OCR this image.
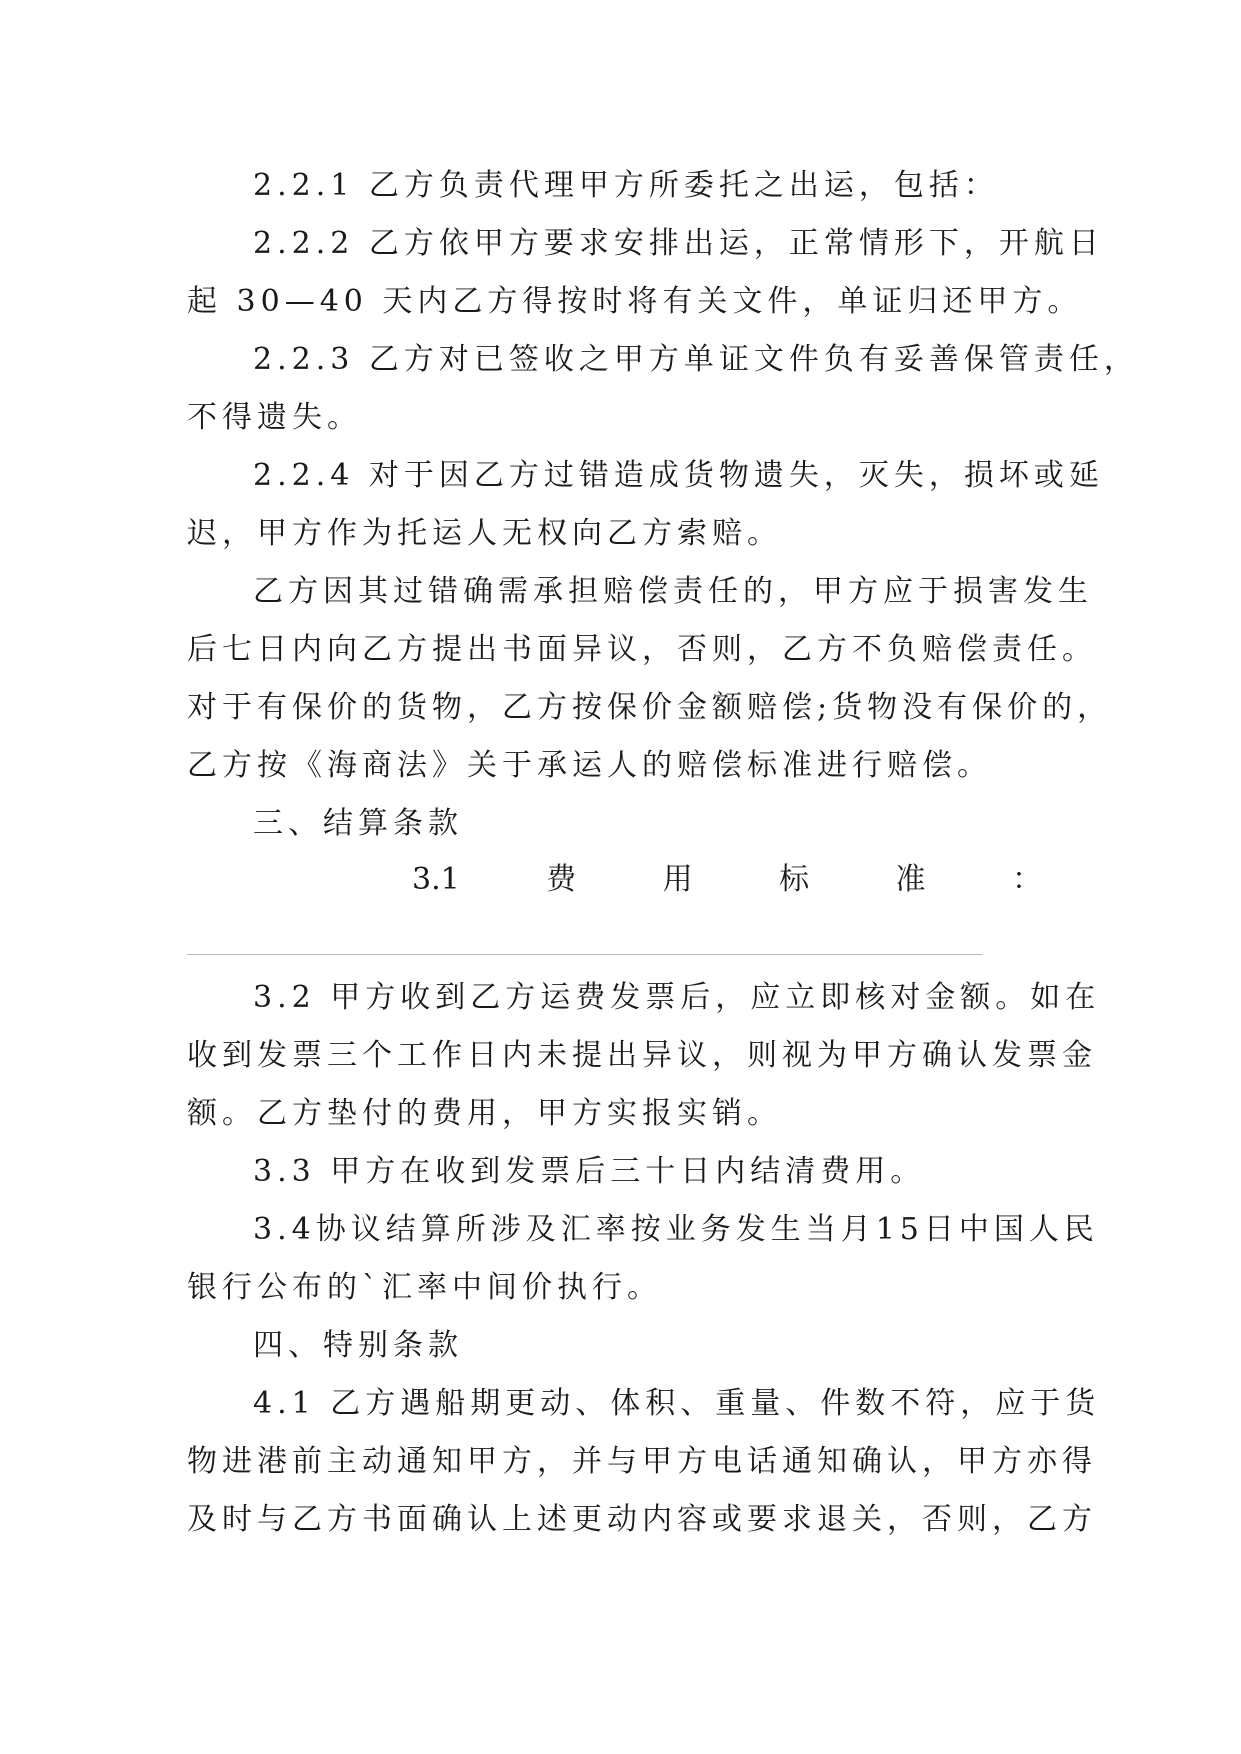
2.2.1 乙方负责代理甲方所委托之出运，包括：
2.2.2 乙方依甲方要求安排出运，正常情形下，开航日
起 30—40 天内乙方得按时将有关文件，单证归还甲方。
2.2.3 乙方对已签收之甲方单证文件负有妥善保管责任，
不得遗失。
2.2.4 对于因乙方过错造成货物遗失，灭失，损坏或延
迟，甲方作为托运人无权向乙方索赔。
乙方因其过错确需承担赔偿责任的，甲方应于损害发生
后七日内向乙方提出书面异议，否则，乙方不负赔偿责任。
对于有保价的货物，乙方按保价金额赔偿;货物没有保价的，
乙方按《海商法》关于承运人的赔偿标准进行赔偿。
三、结算条款
3.1	费	用	标	准	：
3.2 甲方收到乙方运费发票后，应立即核对金额。如在
收到发票三个工作日内未提出异议，则视为甲方确认发票金
额。乙方垫付的费用，甲方实报实销。
3.3 甲方在收到发票后三十日内结清费用。
3.4协议结算所涉及汇率按业务发生当月15日中国人民
银行公布的`汇率中间价执行。
四、特别条款
4.1 乙方遇船期更动、体积、重量、件数不符，应于货
物进港前主动通知甲方，并与甲方电话通知确认，甲方亦得
及时与乙方书面确认上述更动内容或要求退关，否则，乙方
